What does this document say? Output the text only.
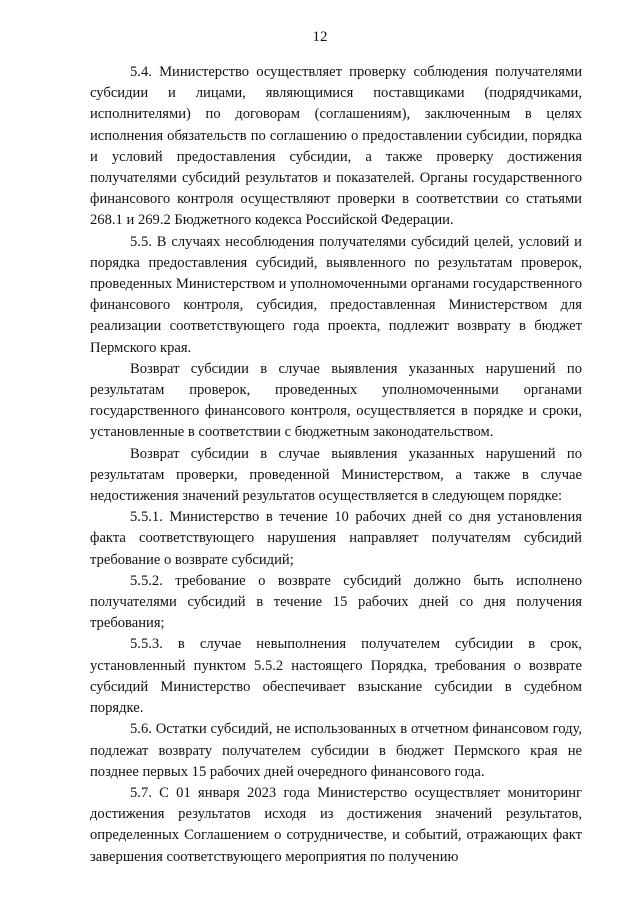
12

5.4. Министерство осуществляет проверку соблюдения получателями субсидии и лицами, являющимися поставщиками (подрядчиками, исполнителями) по договорам (соглашениям), заключенным в целях исполнения обязательств по соглашению о предоставлении субсидии, порядка и условий предоставления субсидии, а также проверку достижения получателями субсидий результатов и показателей. Органы государственного финансового контроля осуществляют проверки в соответствии со статьями 268.1 и 269.2 Бюджетного кодекса Российской Федерации.

5.5. В случаях несоблюдения получателями субсидий целей, условий и порядка предоставления субсидий, выявленного по результатам проверок, проведенных Министерством и уполномоченными органами государственного финансового контроля, субсидия, предоставленная Министерством для реализации соответствующего года проекта, подлежит возврату в бюджет Пермского края.

Возврат субсидии в случае выявления указанных нарушений по результатам проверок, проведенных уполномоченными органами государственного финансового контроля, осуществляется в порядке и сроки, установленные в соответствии с бюджетным законодательством.

Возврат субсидии в случае выявления указанных нарушений по результатам проверки, проведенной Министерством, а также в случае недостижения значений результатов осуществляется в следующем порядке:

5.5.1. Министерство в течение 10 рабочих дней со дня установления факта соответствующего нарушения направляет получателям субсидий требование о возврате субсидий;

5.5.2. требование о возврате субсидий должно быть исполнено получателями субсидий в течение 15 рабочих дней со дня получения требования;

5.5.3. в случае невыполнения получателем субсидии в срок, установленный пунктом 5.5.2 настоящего Порядка, требования о возврате субсидий Министерство обеспечивает взыскание субсидии в судебном порядке.

5.6. Остатки субсидий, не использованных в отчетном финансовом году, подлежат возврату получателем субсидии в бюджет Пермского края не позднее первых 15 рабочих дней очередного финансового года.

5.7. С 01 января 2023 года Министерство осуществляет мониторинг достижения результатов исходя из достижения значений результатов, определенных Соглашением о сотрудничестве, и событий, отражающих факт завершения соответствующего мероприятия по получению
